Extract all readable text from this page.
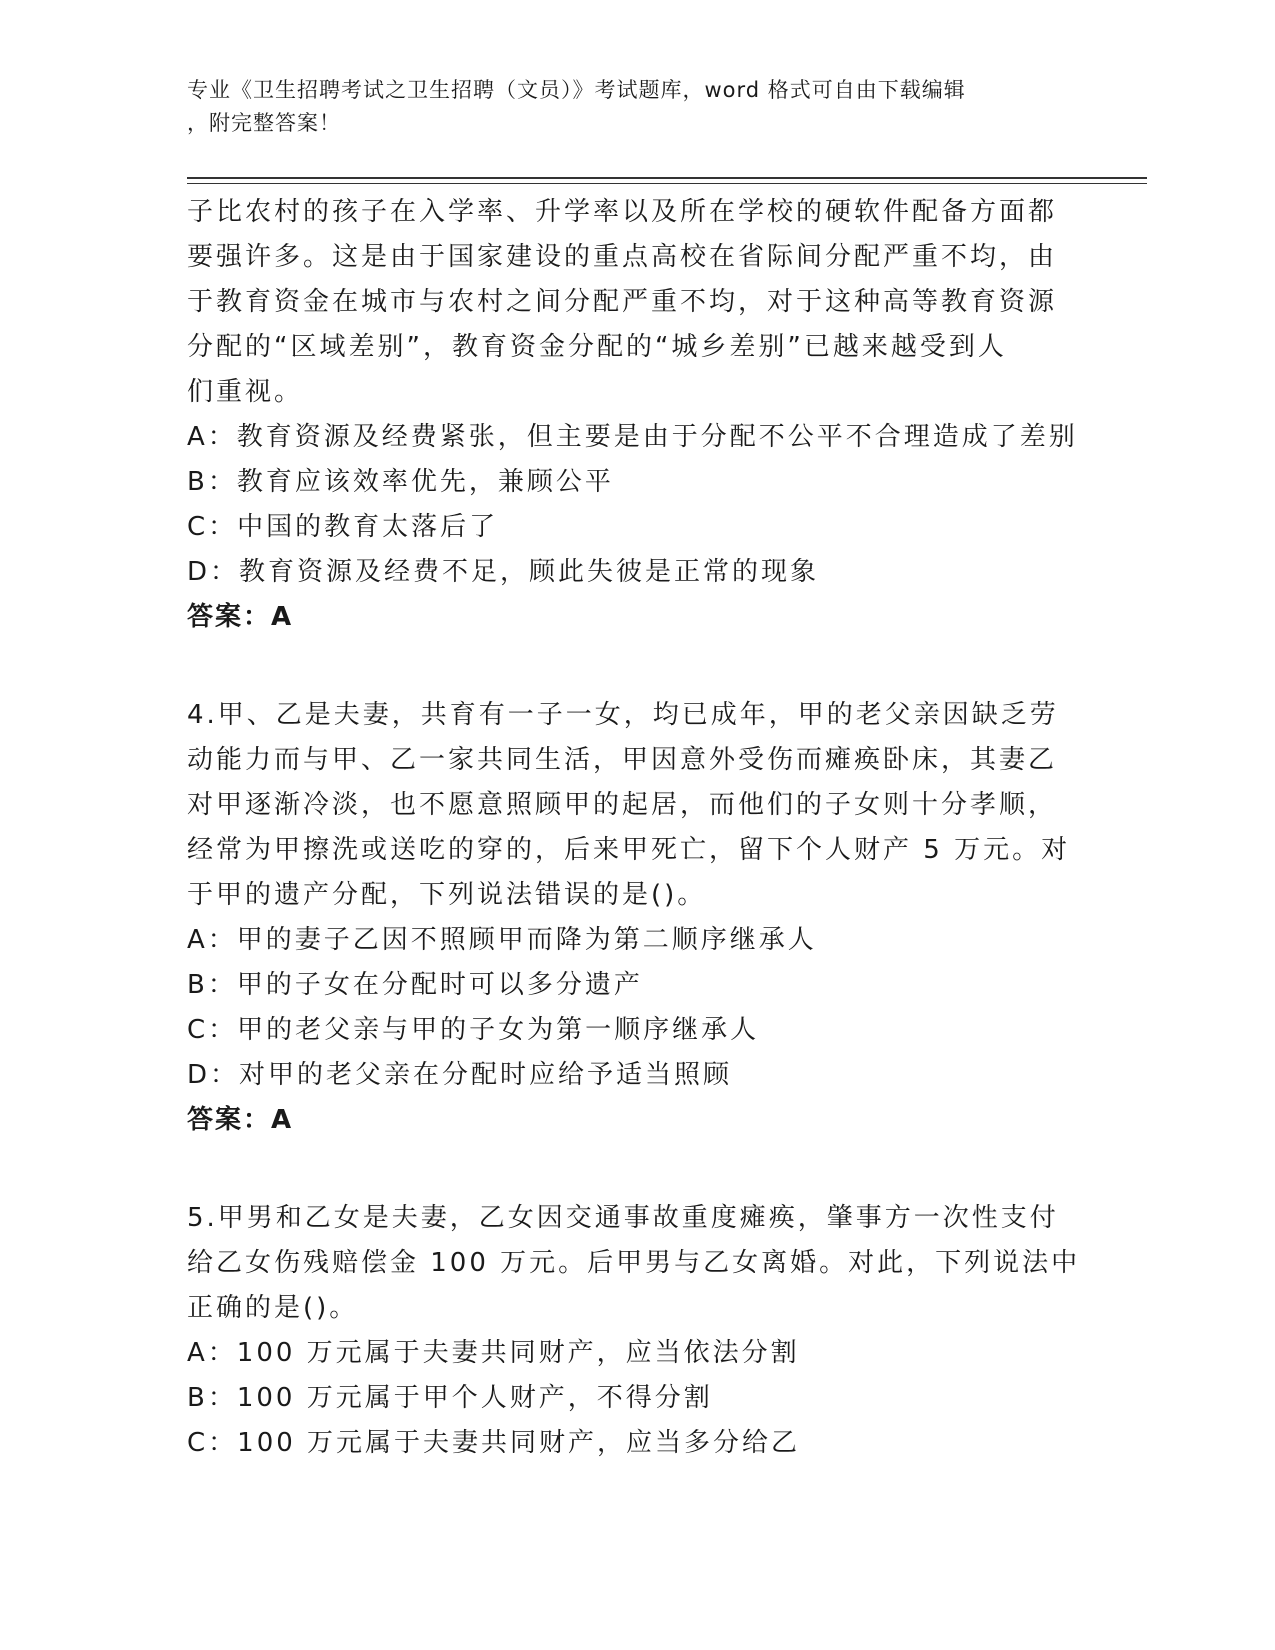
专业《卫生招聘考试之卫生招聘（文员）》考试题库，word 格式可自由下载编辑
，附完整答案！
子比农村的孩子在入学率、升学率以及所在学校的硬软件配备方面都
要强许多。这是由于国家建设的重点高校在省际间分配严重不均，由
于教育资金在城市与农村之间分配严重不均，对于这种高等教育资源
分配的“区域差别”，教育资金分配的“城乡差别”已越来越受到人
们重视。
A：教育资源及经费紧张，但主要是由于分配不公平不合理造成了差别
B：教育应该效率优先，兼顾公平
C：中国的教育太落后了
D：教育资源及经费不足，顾此失彼是正常的现象
答案：A
4.甲、乙是夫妻，共育有一子一女，均已成年，甲的老父亲因缺乏劳
动能力而与甲、乙一家共同生活，甲因意外受伤而瘫痪卧床，其妻乙
对甲逐渐冷淡，也不愿意照顾甲的起居，而他们的子女则十分孝顺，
经常为甲擦洗或送吃的穿的，后来甲死亡，留下个人财产 5 万元。对
于甲的遗产分配，下列说法错误的是()。
A：甲的妻子乙因不照顾甲而降为第二顺序继承人
B：甲的子女在分配时可以多分遗产
C：甲的老父亲与甲的子女为第一顺序继承人
D：对甲的老父亲在分配时应给予适当照顾
答案：A
5.甲男和乙女是夫妻，乙女因交通事故重度瘫痪，肇事方一次性支付
给乙女伤残赔偿金 100 万元。后甲男与乙女离婚。对此，下列说法中
正确的是()。
A：100 万元属于夫妻共同财产，应当依法分割
B：100 万元属于甲个人财产，不得分割
C：100 万元属于夫妻共同财产，应当多分给乙
